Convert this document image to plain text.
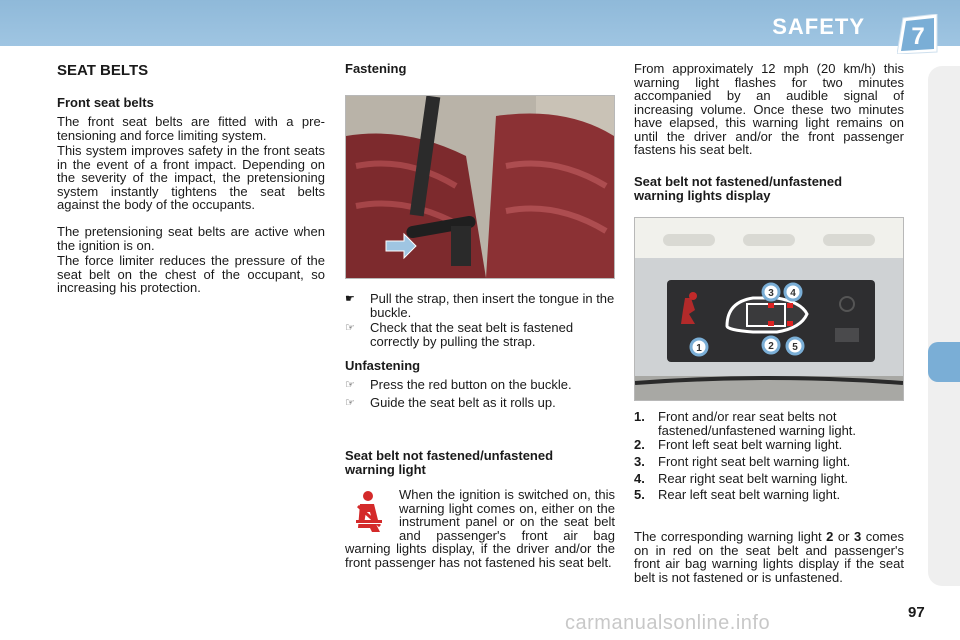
SAFETY 7
SEAT BELTS
Front seat belts

The front seat belts are fitted with a pre-tensioning and force limiting system.

This system improves safety in the front seats in the event of a front impact. Depending on the severity of the impact, the pretensioning system instantly tightens the seat belts against the body of the occupants.

The pretensioning seat belts are active when the ignition is on.

The force limiter reduces the pressure of the seat belt on the chest of the occupant, so increasing his protection.

Fastening
☛	Pull the strap, then insert the tongue in the buckle.
☞	Check that the seat belt is fastened correctly by pulling the strap.
Unfastening
☞	Press the red button on the buckle.
☞	Guide the seat belt as it rolls up.
Seat belt not fastened/unfastened warning light
When the ignition is switched on, this warning light comes on, either on the instrument panel or on the seat belt and passenger's front air bag warning lights display, if the driver and/or the front passenger has not fastened his seat belt.

From approximately 12 mph (20 km/h) this warning light flashes for two minutes accompanied by an audible signal of increasing volume. Once these two minutes have elapsed, this warning light remains on until the driver and/or the front passenger fastens his seat belt.

Seat belt not fastened/unfastened warning lights display
1	2
3 4
5
1.	Front and/or rear seat belts not fastened/unfastened warning light.
2.	Front left seat belt warning light.
3.	Front right seat belt warning light.
4.	Rear right seat belt warning light.
5.	Rear left seat belt warning light.

The corresponding warning light 2 or 3 comes on in red on the seat belt and passenger's front air bag warning lights display if the seat belt is not fastened or is unfastened.

carmanualsonline.info	97
